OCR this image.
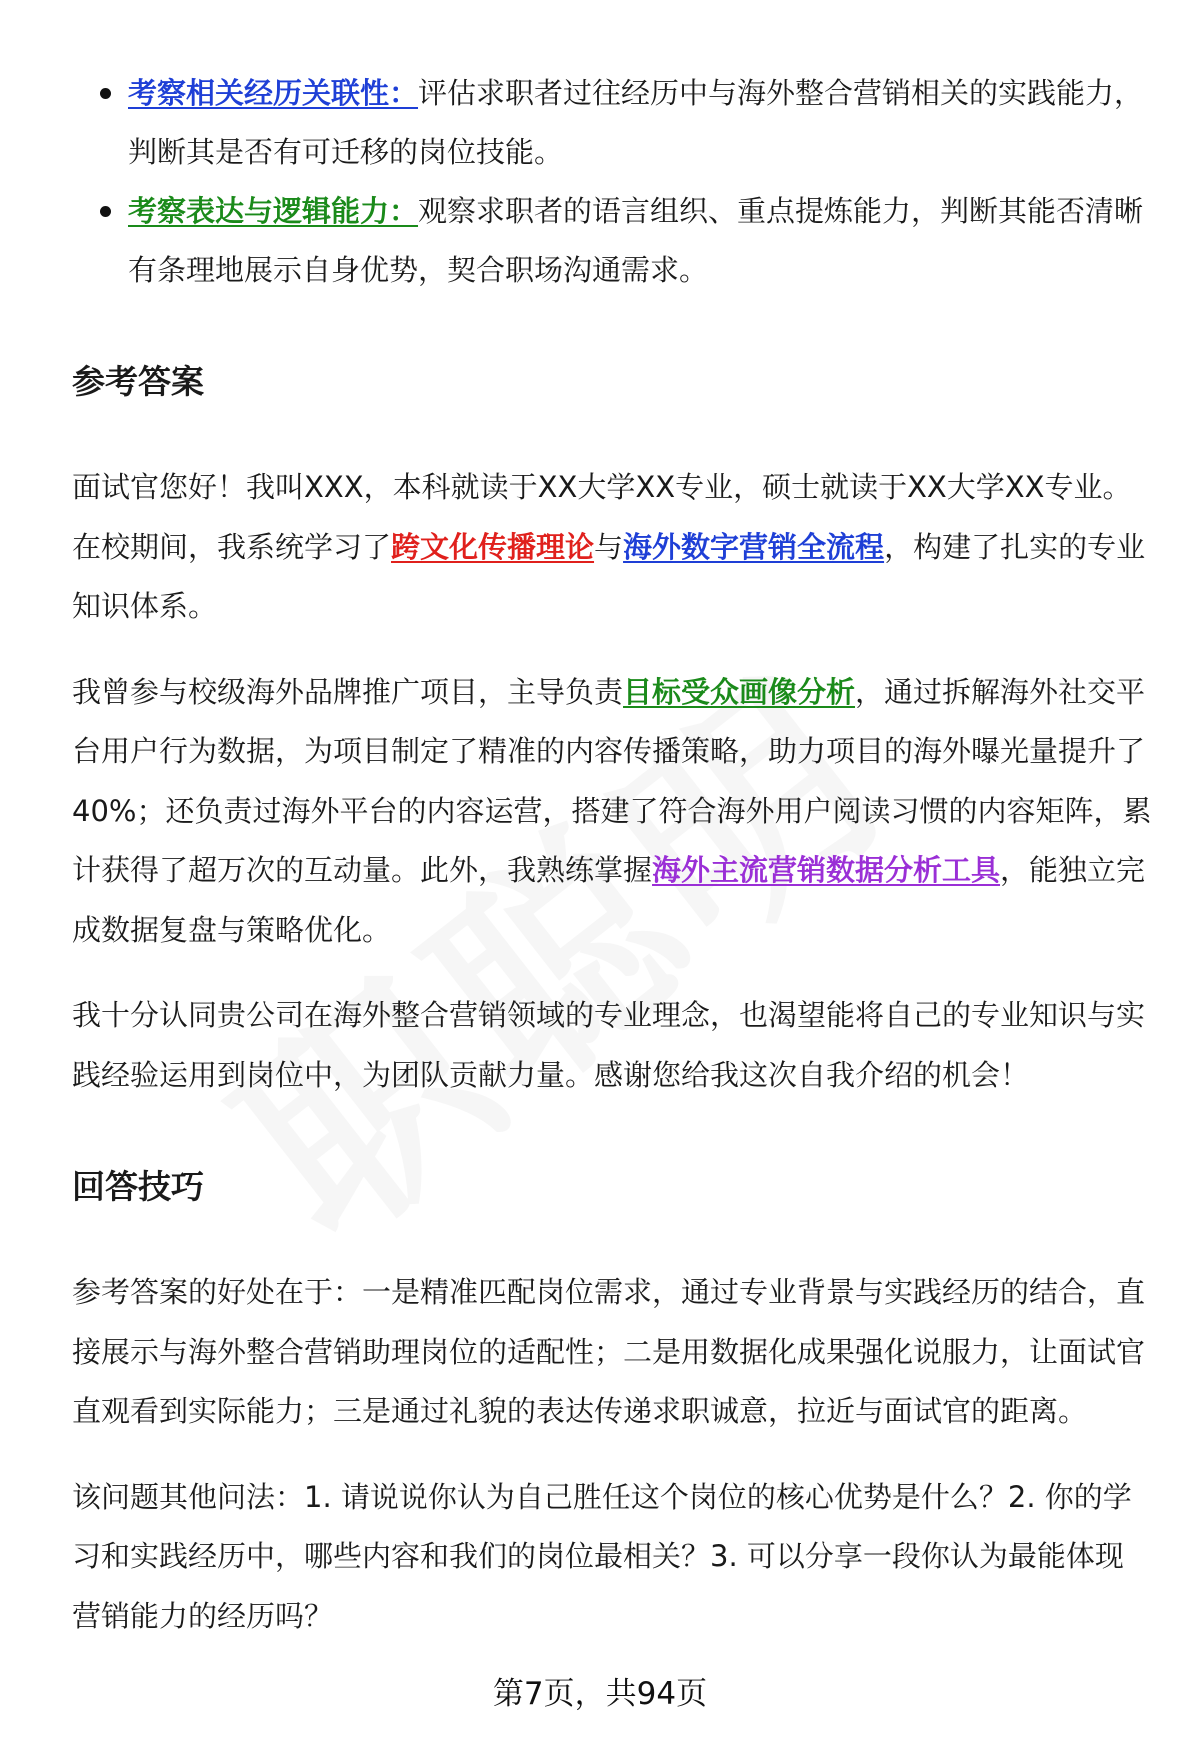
考察相关经历关联性：评估求职者过往经历中与海外整合营销相关的实践能力，判断其是否有可迁移的岗位技能。
考察表达与逻辑能力：观察求职者的语言组织、重点提炼能力，判断其能否清晰有条理地展示自身优势，契合职场沟通需求。
参考答案

面试官您好！我叫XXX，本科就读于XX大学XX专业，硕士就读于XX大学XX专业。在校期间，我系统学习了跨文化传播理论与海外数字营销全流程，构建了扎实的专业知识体系。

我曾参与校级海外品牌推广项目，主导负责目标受众画像分析，通过拆解海外社交平台用户行为数据，为项目制定了精准的内容传播策略，助力项目的海外曝光量提升了40%；还负责过海外平台的内容运营，搭建了符合海外用户阅读习惯的内容矩阵，累计获得了超万次的互动量。此外，我熟练掌握海外主流营销数据分析工具，能独立完成数据复盘与策略优化。

我十分认同贵公司在海外整合营销领域的专业理念，也渴望能将自己的专业知识与实践经验运用到岗位中，为团队贡献力量。感谢您给我这次自我介绍的机会！

回答技巧

参考答案的好处在于：一是精准匹配岗位需求，通过专业背景与实践经历的结合，直接展示与海外整合营销助理岗位的适配性；二是用数据化成果强化说服力，让面试官直观看到实际能力；三是通过礼貌的表达传递求职诚意，拉近与面试官的距离。

该问题其他问法：1. 请说说你认为自己胜任这个岗位的核心优势是什么？2. 你的学习和实践经历中，哪些内容和我们的岗位最相关？3. 可以分享一段你认为最能体现营销能力的经历吗？

第7页，共94页
